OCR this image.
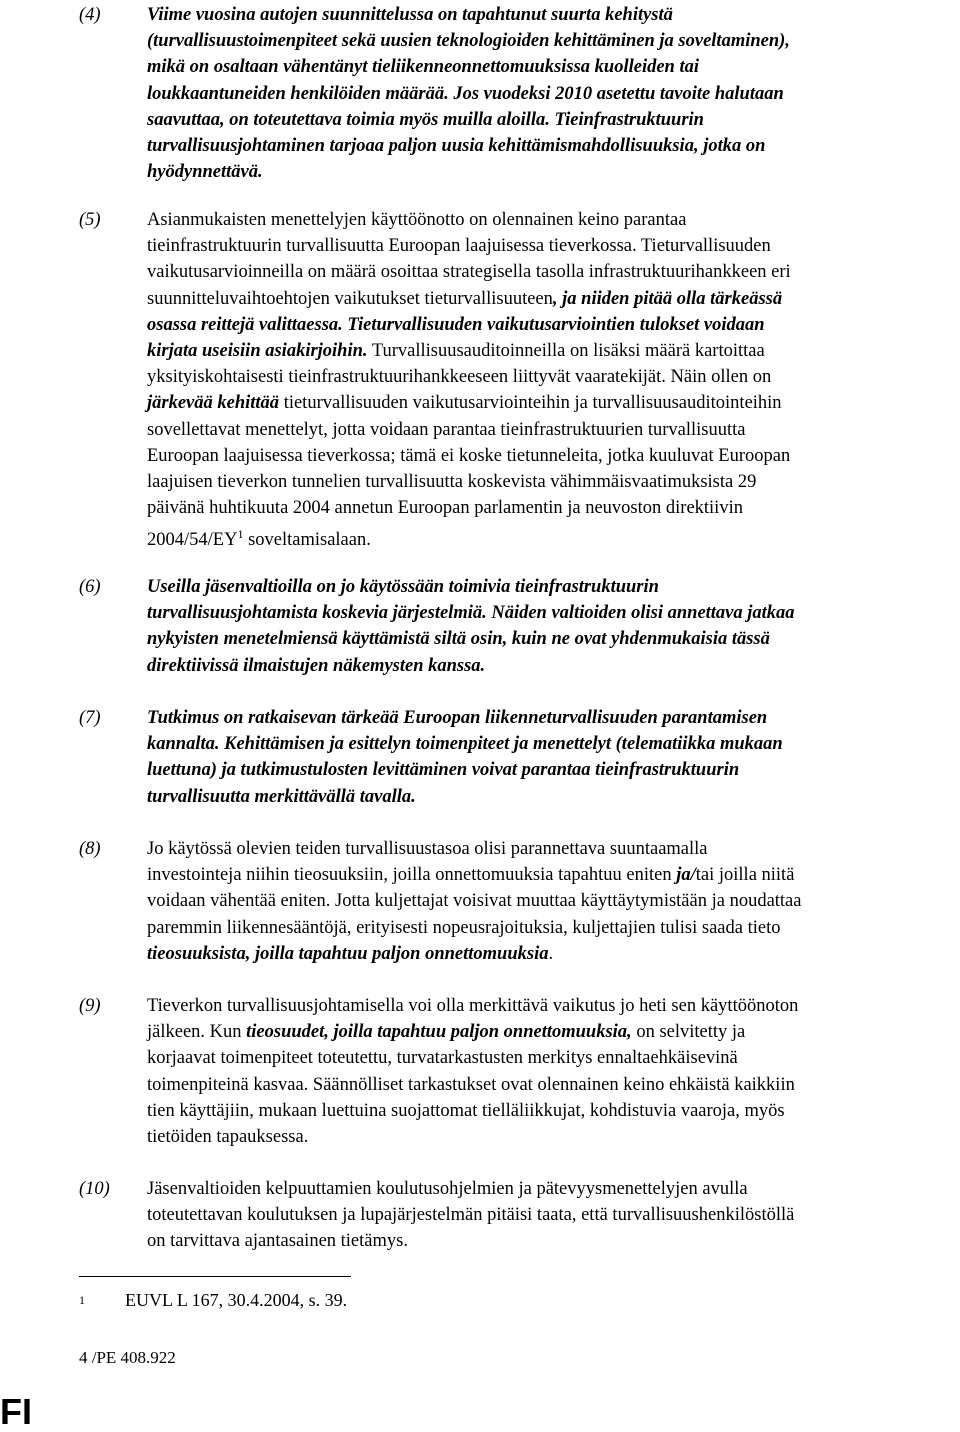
(4)	Viime vuosina autojen suunnittelussa on tapahtunut suurta kehitystä
(turvallisuustoimenpiteet sekä uusien teknologioiden kehittäminen ja soveltaminen),
mikä on osaltaan vähentänyt tieliikenneonnettomuuksissa kuolleiden tai
loukkaantuneiden henkilöiden määrää. Jos vuodeksi 2010 asetettu tavoite halutaan
saavuttaa, on toteutettava toimia myös muilla aloilla. Tieinfrastruktuurin
turvallisuusjohtaminen tarjoaa paljon uusia kehittämismahdollisuuksia, jotka on
hyödynnettävä.
(5)	Asianmukaisten menettelyjen käyttöönotto on olennainen keino parantaa
tieinfrastruktuurin turvallisuutta Euroopan laajuisessa tieverkossa. Tieturvallisuuden
vaikutusarvioinneilla on määrä osoittaa strategisella tasolla infrastruktuurihankkeen eri
suunnitteluvaihtoehtojen vaikutukset tieturvallisuuteen, ja niiden pitää olla tärkeässä
osassa reittejä valittaessa. Tieturvallisuuden vaikutusarviointien tulokset voidaan
kirjata useisiin asiakirjoihin. Turvallisuusauditoinneilla on lisäksi määrä kartoittaa
yksityiskohtaisesti tieinfrastruktuurihankkeeseen liittyvät vaaratekijät. Näin ollen on
järkevää kehittää tieturvallisuuden vaikutusarviointeihin ja turvallisuusauditointeihin
sovellettavat menettelyt, jotta voidaan parantaa tieinfrastruktuurien turvallisuutta
Euroopan laajuisessa tieverkossa; tämä ei koske tietunneleita, jotka kuuluvat Euroopan
laajuisen tieverkon tunnelien turvallisuutta koskevista vähimmäisvaatimuksista 29
päivänä huhtikuuta 2004 annetun Euroopan parlamentin ja neuvoston direktiivin
$2004/54/EY^1$ soveltamisalaan.
(6)	Useilla jäsenvaltioilla on jo käytössään toimivia tieinfrastruktuurin
turvallisuusjohtamista koskevia järjestelmiä. Näiden valtioiden olisi annettava jatkaa
nykyisten menetelmiensä käyttämistä siltä osin, kuin ne ovat yhdenmukaisia tässä
direktiivissä ilmaistujen näkemysten kanssa.
(7)	Tutkimus on ratkaisevan tärkeää Euroopan liikenneturvallisuuden parantamisen
kannalta. Kehittämisen ja esittelyn toimenpiteet ja menettelyt (telematiikka mukaan
luettuna) ja tutkimustulosten levittäminen voivat parantaa tieinfrastruktuurin
turvallisuutta merkittävällä tavalla.
(8)	Jo käytössä olevien teiden turvallisuustasoa olisi parannettava suuntaamalla
investointeja niihin tieosuuksiin, joilla onnettomuuksia tapahtuu eniten ja/tai joilla niitä
voidaan vähentää eniten. Jotta kuljettajat voisivat muuttaa käyttäytymistään ja noudattaa
paremmin liikennesääntöjä, erityisesti nopeusrajoituksia, kuljettajien tulisi saada tieto
tieosuuksista, joilla tapahtuu paljon onnettomuuksia.
(9)	Tieverkon turvallisuusjohtamisella voi olla merkittävä vaikutus jo heti sen käyttöönoton
jälkeen. Kun tieosuudet, joilla tapahtuu paljon onnettomuuksia, on selvitetty ja
korjaavat toimenpiteet toteutettu, turvatarkastusten merkitys ennaltaehkäisevinä
toimenpiteinä kasvaa. Säännölliset tarkastukset ovat olennainen keino ehkäistä kaikkiin
tien käyttäjiin, mukaan luettuina suojattomat tielläliikkujat, kohdistuvia vaaroja, myös
tietöiden tapauksessa.
(10) Jäsenvaltioiden kelpuuttamien koulutusohjelmien ja pätevyysmenettelyjen avulla
toteutettavan koulutuksen ja lupajärjestelmän pitäisi taata, että turvallisuushenkilöstöllä
on tarvittava ajantasainen tietämys.
$^1$ EUVL L 167, 30.4.2004, s. 39.
4 /PE 408.922
FI
